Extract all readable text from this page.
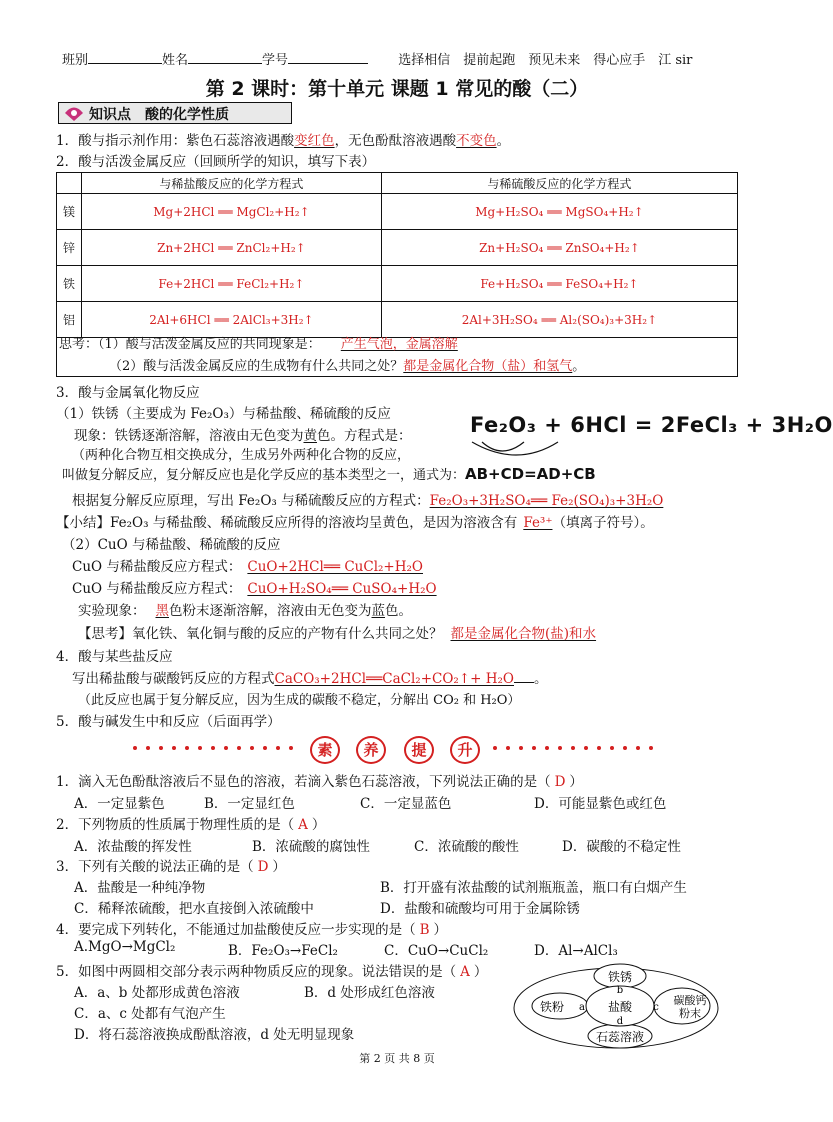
班别	姓名	学号	选择相信　提前起跑　预见未来　得心应手　江 sir
第 2 课时：第十单元 课题 1 常见的酸（二）
知识点　酸的化学性质
1．酸与指示剂作用：紫色石蕊溶液遇酸变红色，无色酚酞溶液遇酸不变色。
2．酸与活泼金属反应（回顾所学的知识，填写下表）
	与稀盐酸反应的化学方程式	与稀硫酸反应的化学方程式
镁	Mg+2HCl ══ MgCl₂+H₂↑	Mg+H₂SO₄ ══ MgSO₄+H₂↑
锌	Zn+2HCl ══ ZnCl₂+H₂↑	Zn+H₂SO₄ ══ ZnSO₄+H₂↑
铁	Fe+2HCl ══ FeCl₂+H₂↑	Fe+H₂SO₄ ══ FeSO₄+H₂↑
铝	2Al+6HCl ══ 2AlCl₃+3H₂↑	2Al+3H₂SO₄ ══ Al₂(SO₄)₃+3H₂↑
思考：（1）酸与活泼金属反应的共同现象是： 产生气泡，金属溶解
（2）酸与活泼金属反应的生成物有什么共同之处？都是金属化合物（盐）和氢气。
3．酸与金属氧化物反应
（1）铁锈（主要成为 Fe₂O₃）与稀盐酸、稀硫酸的反应
现象：铁锈逐渐溶解，溶液由无色变为黄色。方程式是：	Fe₂O₃ + 6HCl = 2FeCl₃ + 3H₂O
（两种化合物互相交换成分，生成另外两种化合物的反应，
叫做复分解反应，复分解反应也是化学反应的基本类型之一，通式为：AB+CD=AD+CB
根据复分解反应原理，写出 Fe₂O₃ 与稀硫酸反应的方程式：Fe₂O₃+3H₂SO₄══ Fe₂(SO₄)₃+3H₂O
【小结】Fe₂O₃ 与稀盐酸、稀硫酸反应所得的溶液均呈黄色，是因为溶液含有 Fe³⁺（填离子符号）。
（2）CuO 与稀盐酸、稀硫酸的反应
CuO 与稀盐酸反应方程式： CuO+2HCl══ CuCl₂+H₂O
CuO 与稀盐酸反应方程式： CuO+H₂SO₄══ CuSO₄+H₂O
实验现象： 黑色粉末逐渐溶解，溶液由无色变为蓝色。
【思考】氧化铁、氧化铜与酸的反应的产物有什么共同之处？ 都是金属化合物(盐)和水
4．酸与某些盐反应
写出稀盐酸与碳酸钙反应的方程式CaCO₃+2HCl══CaCl₂+CO₂↑+ H₂O 。
（此反应也属于复分解反应，因为生成的碳酸不稳定，分解出 CO₂ 和 H₂O）
5．酸与碱发生中和反应（后面再学）
素	养	提	升
1．滴入无色酚酞溶液后不显色的溶液，若滴入紫色石蕊溶液，下列说法正确的是（ D ）
A．一定显紫色	B．一定显红色	C．一定显蓝色	D．可能显紫色或红色
2．下列物质的性质属于物理性质的是（ A ）
A．浓盐酸的挥发性	B．浓硫酸的腐蚀性	C．浓硫酸的酸性	D．碳酸的不稳定性
3．下列有关酸的说法正确的是（ D ）
A．盐酸是一种纯净物	B．打开盛有浓盐酸的试剂瓶瓶盖，瓶口有白烟产生
C．稀释浓硫酸，把水直接倒入浓硫酸中	D．盐酸和硫酸均可用于金属除锈
4．要完成下列转化，不能通过加盐酸使反应一步实现的是（ B ）
A.MgO→MgCl₂	B．Fe₂O₃→FeCl₂	C．CuO→CuCl₂	D．Al→AlCl₃
5．如图中两圆相交部分表示两种物质反应的现象。说法错误的是（ A ）
A．a、b 处都形成黄色溶液	B．d 处形成红色溶液
C．a、c 处都有气泡产生
D．将石蕊溶液换成酚酞溶液，d 处无明显现象
铁锈
铁粉	盐酸
石蕊溶液
碳酸钙粉末
a
b
c
d
第 2 页 共 8 页
